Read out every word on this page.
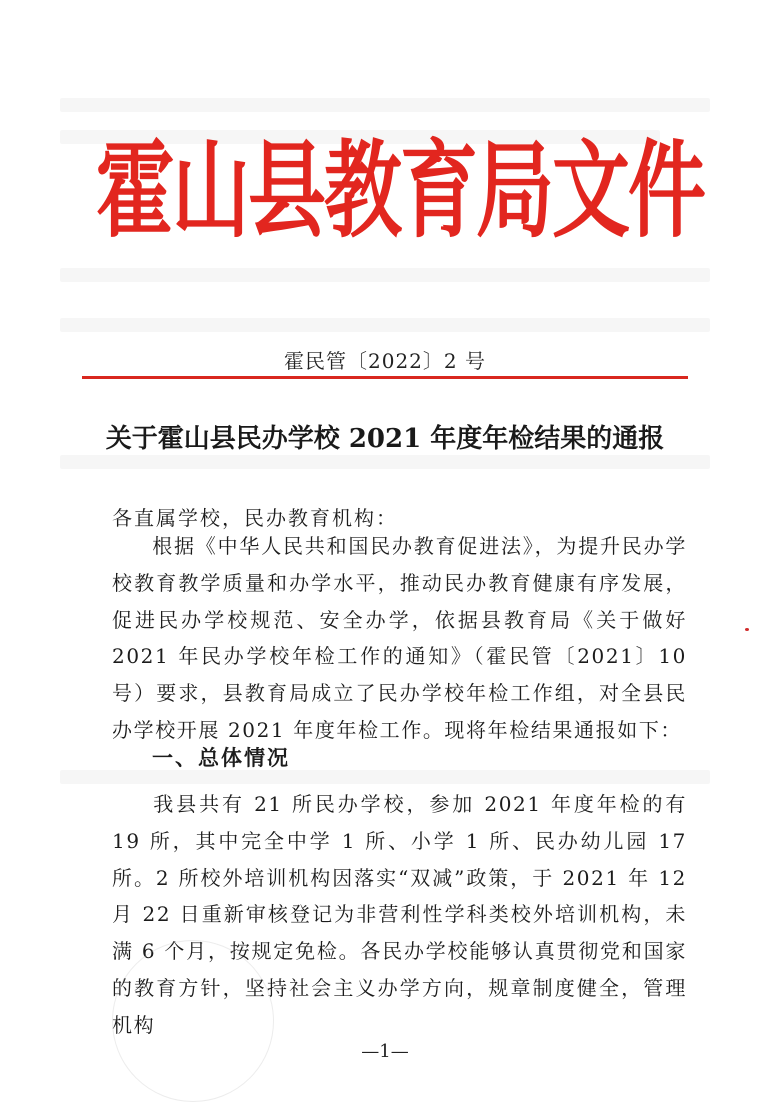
霍山县教育局文件
霍民管〔2022〕2 号
关于霍山县民办学校 2021 年度年检结果的通报
各直属学校，民办教育机构：
根据《中华人民共和国民办教育促进法》，为提升民办学校教育教学质量和办学水平，推动民办教育健康有序发展，促进民办学校规范、安全办学，依据县教育局《关于做好 2021 年民办学校年检工作的通知》（霍民管〔2021〕10 号）要求，县教育局成立了民办学校年检工作组，对全县民办学校开展 2021 年度年检工作。现将年检结果通报如下：
一、总体情况
我县共有 21 所民办学校，参加 2021 年度年检的有 19 所，其中完全中学 1 所、小学 1 所、民办幼儿园 17 所。2 所校外培训机构因落实“双减”政策，于 2021 年 12 月 22 日重新审核登记为非营利性学科类校外培训机构，未满 6 个月，按规定免检。各民办学校能够认真贯彻党和国家的教育方针，坚持社会主义办学方向，规章制度健全，管理机构
—1—
